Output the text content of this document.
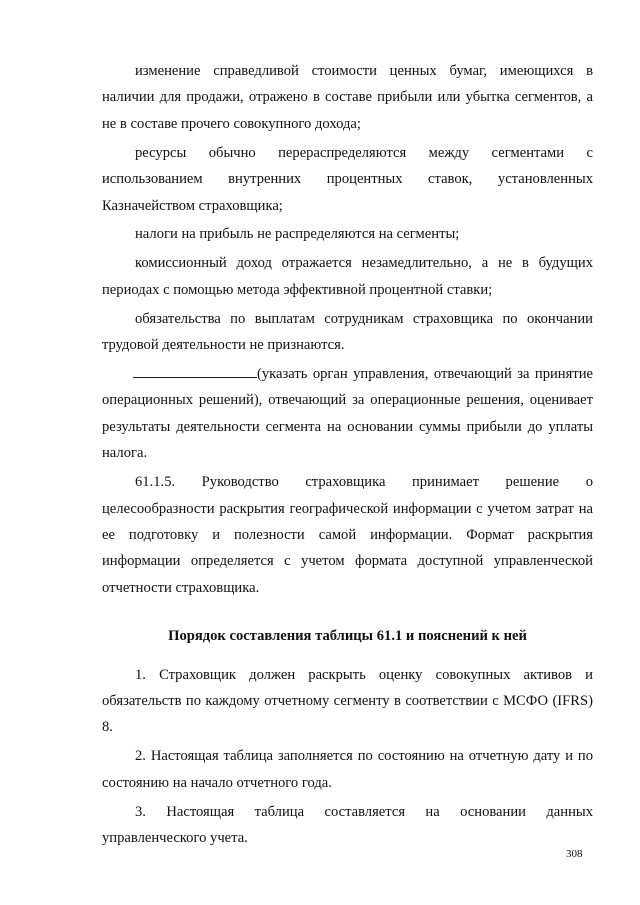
изменение справедливой стоимости ценных бумаг, имеющихся в наличии для продажи, отражено в составе прибыли или убытка сегментов, а не в составе прочего совокупного дохода;

ресурсы обычно перераспределяются между сегментами с использованием внутренних процентных ставок, установленных Казначейством страховщика;

налоги на прибыль не распределяются на сегменты;

комиссионный доход отражается незамедлительно, а не в будущих периодах с помощью метода эффективной процентной ставки;

обязательства по выплатам сотрудникам страховщика по окончании трудовой деятельности не признаются.

(указать орган управления, отвечающий за принятие операционных решений), отвечающий за операционные решения, оценивает результаты деятельности сегмента на основании суммы прибыли до уплаты налога.

61.1.5. Руководство страховщика принимает решение о целесообразности раскрытия географической информации с учетом затрат на ее подготовку и полезности самой информации. Формат раскрытия информации определяется с учетом формата доступной управленческой отчетности страховщика.

Порядок составления таблицы 61.1 и пояснений к ней

1. Страховщик должен раскрыть оценку совокупных активов и обязательств по каждому отчетному сегменту в соответствии с МСФО (IFRS) 8.

2. Настоящая таблица заполняется по состоянию на отчетную дату и по состоянию на начало отчетного года.

3. Настоящая таблица составляется на основании данных управленческого учета.

308
